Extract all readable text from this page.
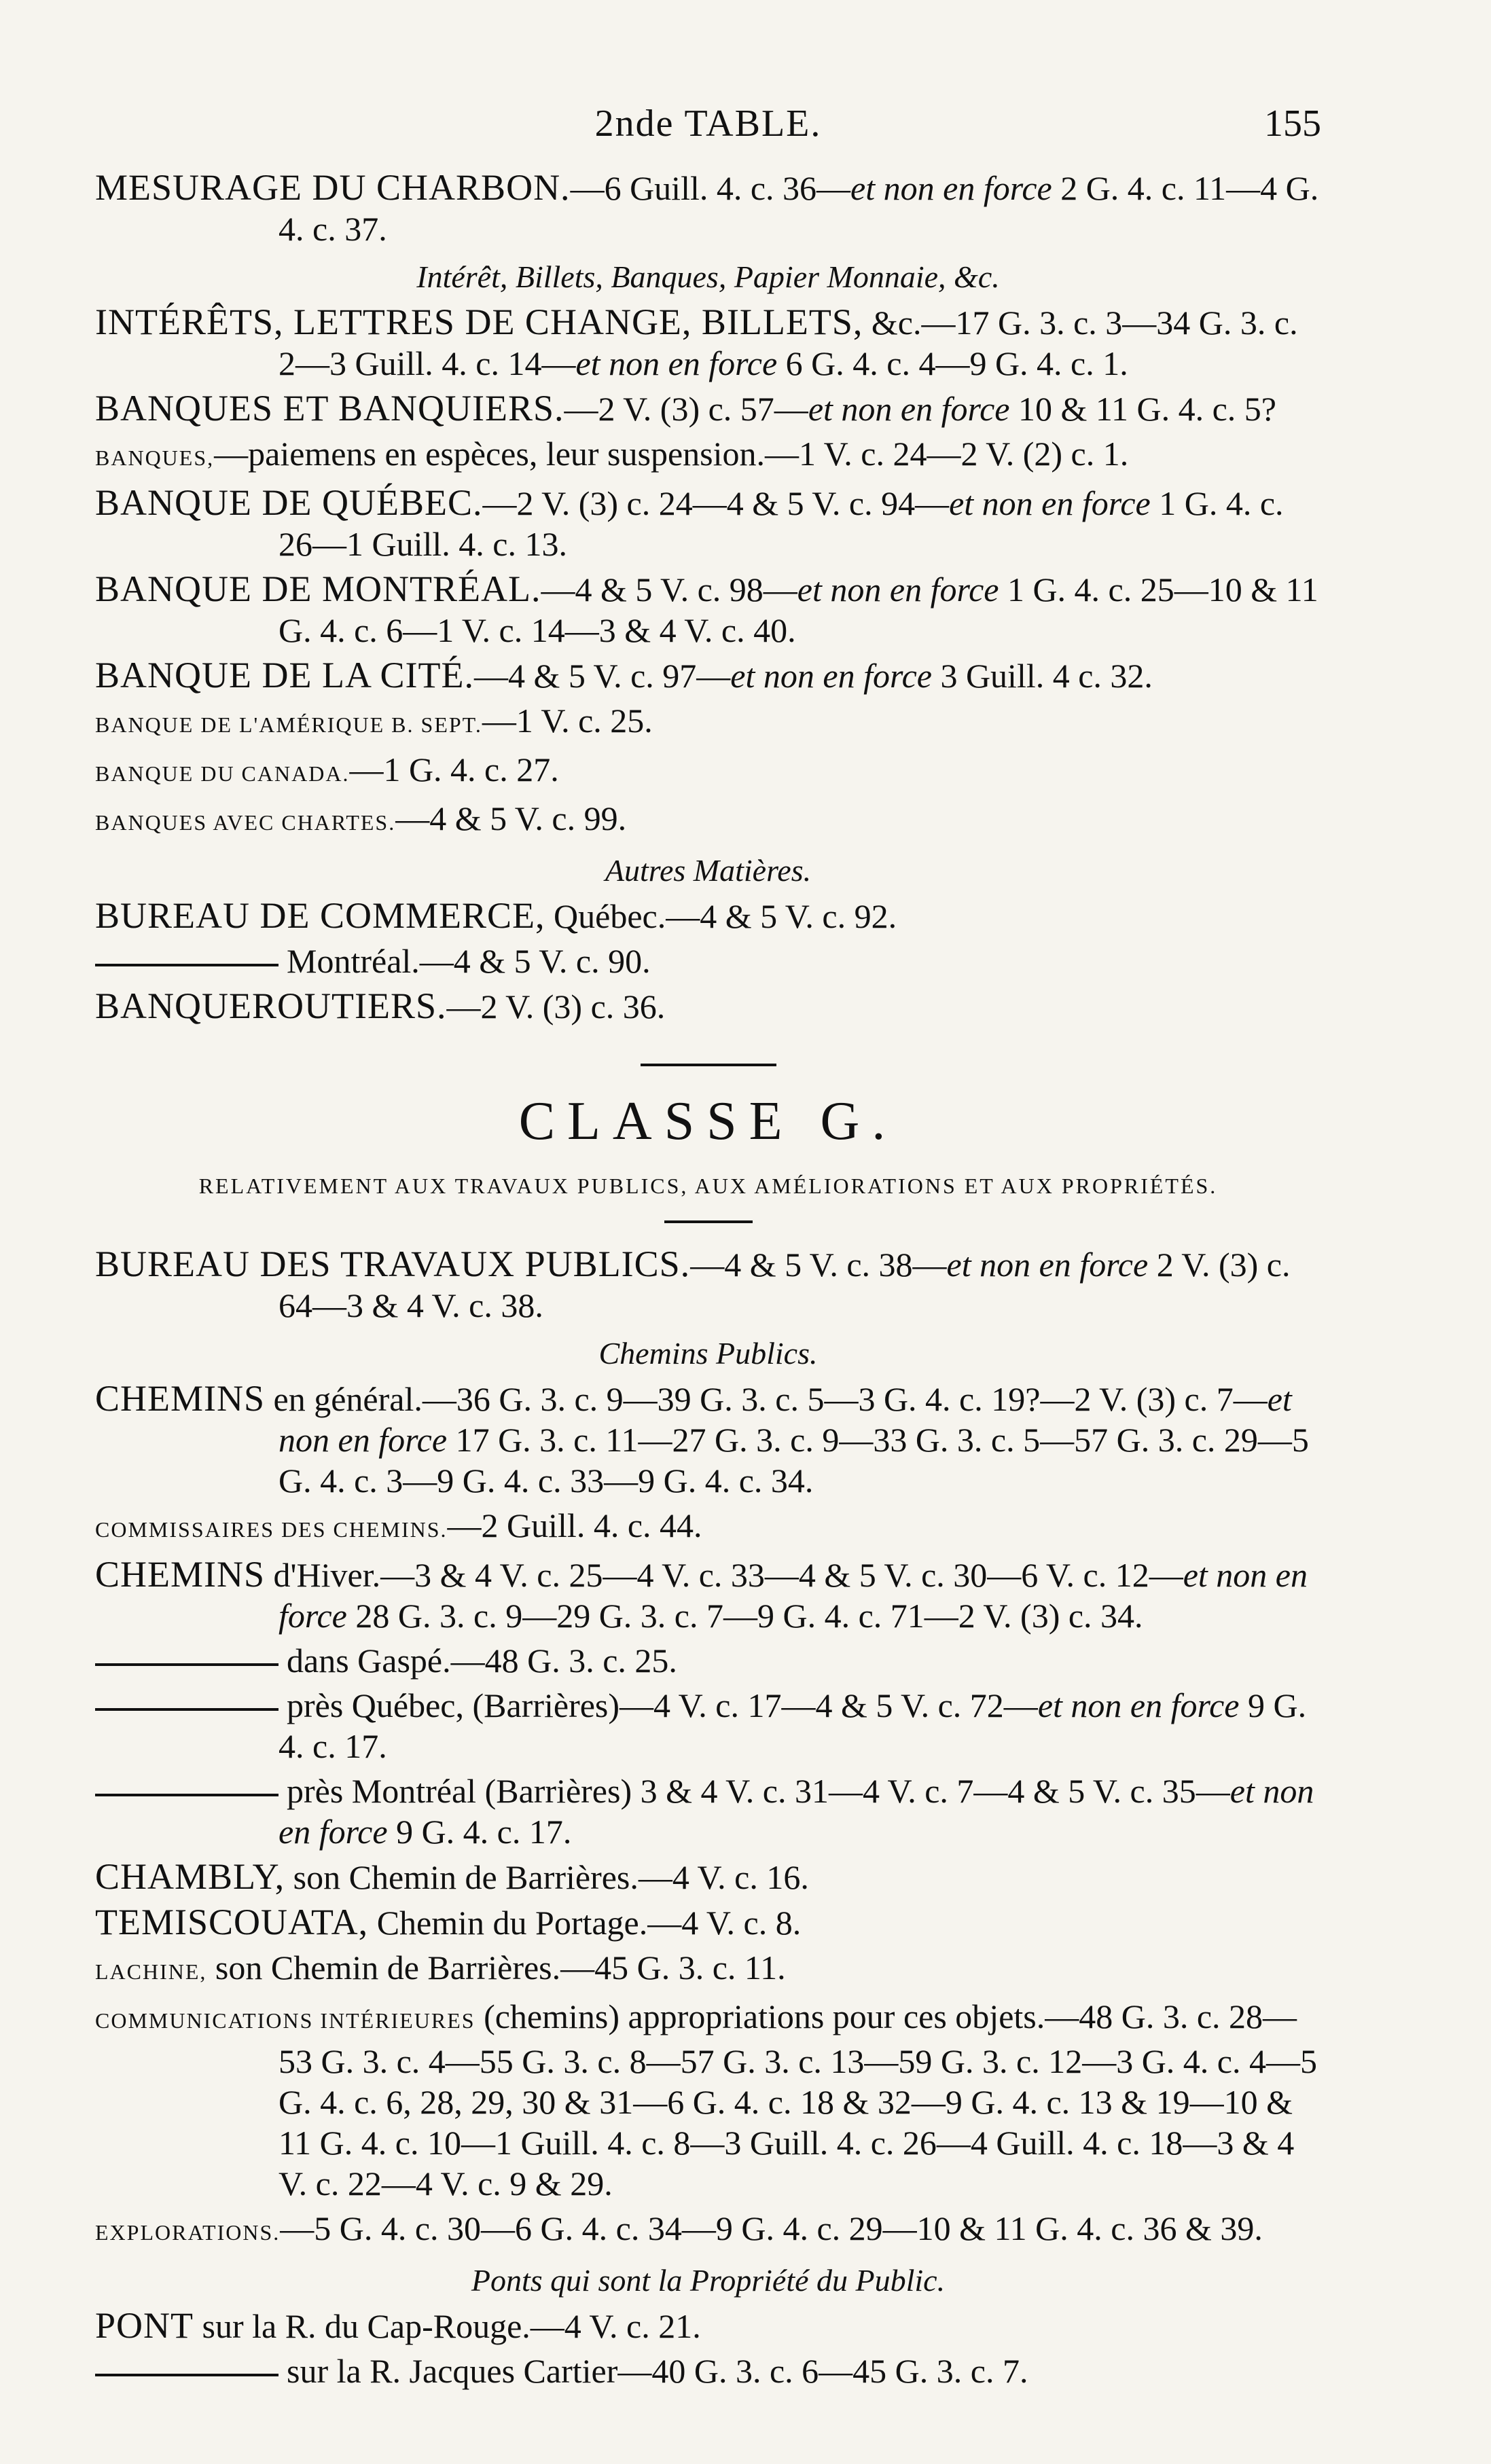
2nde TABLE.	155
MESURAGE DU CHARBON.—6 Guill. 4. c. 36—et non en force 2 G. 4. c. 11—4 G. 4. c. 37.
Intérêt, Billets, Banques, Papier Monnaie, &c.
INTÉRÊTS, LETTRES DE CHANGE, BILLETS, &c.—17 G. 3. c. 3—34 G. 3. c. 2—3 Guill. 4. c. 14—et non en force 6 G. 4. c. 4—9 G. 4. c. 1.
BANQUES ET BANQUIERS.—2 V. (3) c. 57—et non en force 10 & 11 G. 4. c. 5?
BANQUES,—paiemens en espèces, leur suspension.—1 V. c. 24—2 V. (2) c. 1.
BANQUE DE QUÉBEC.—2 V. (3) c. 24—4 & 5 V. c. 94—et non en force 1 G. 4. c. 26—1 Guill. 4. c. 13.
BANQUE DE MONTRÉAL.—4 & 5 V. c. 98—et non en force 1 G. 4. c. 25—10 & 11 G. 4. c. 6—1 V. c. 14—3 & 4 V. c. 40.
BANQUE DE LA CITÉ.—4 & 5 V. c. 97—et non en force 3 Guill. 4 c. 32.
BANQUE DE L'AMÉRIQUE B. SEPT.—1 V. c. 25.
BANQUE DU CANADA.—1 G. 4. c. 27.
BANQUES AVEC CHARTES.—4 & 5 V. c. 99.
Autres Matières.
BUREAU DE COMMERCE, Québec.—4 & 5 V. c. 92.
Montréal.—4 & 5 V. c. 90.
BANQUEROUTIERS.—2 V. (3) c. 36.
CLASSE G.
RELATIVEMENT AUX TRAVAUX PUBLICS, AUX AMÉLIORATIONS ET AUX PROPRIÉTÉS.
BUREAU DES TRAVAUX PUBLICS.—4 & 5 V. c. 38—et non en force 2 V. (3) c. 64—3 & 4 V. c. 38.
Chemins Publics.
CHEMINS en général.—36 G. 3. c. 9—39 G. 3. c. 5—3 G. 4. c. 19?—2 V. (3) c. 7—et non en force 17 G. 3. c. 11—27 G. 3. c. 9—33 G. 3. c. 5—57 G. 3. c. 29—5 G. 4. c. 3—9 G. 4. c. 33—9 G. 4. c. 34.
COMMISSAIRES DES CHEMINS.—2 Guill. 4. c. 44.
CHEMINS d'Hiver.—3 & 4 V. c. 25—4 V. c. 33—4 & 5 V. c. 30—6 V. c. 12—et non en force 28 G. 3. c. 9—29 G. 3. c. 7—9 G. 4. c. 71—2 V. (3) c. 34.
dans Gaspé.—48 G. 3. c. 25.
près Québec, (Barrières)—4 V. c. 17—4 & 5 V. c. 72—et non en force 9 G. 4. c. 17.
près Montréal (Barrières) 3 & 4 V. c. 31—4 V. c. 7—4 & 5 V. c. 35—et non en force 9 G. 4. c. 17.
CHAMBLY, son Chemin de Barrières.—4 V. c. 16.
TEMISCOUATA, Chemin du Portage.—4 V. c. 8.
LACHINE, son Chemin de Barrières.—45 G. 3. c. 11.
COMMUNICATIONS INTÉRIEURES (chemins) appropriations pour ces objets.—48 G. 3. c. 28—53 G. 3. c. 4—55 G. 3. c. 8—57 G. 3. c. 13—59 G. 3. c. 12—3 G. 4. c. 4—5 G. 4. c. 6, 28, 29, 30 & 31—6 G. 4. c. 18 & 32—9 G. 4. c. 13 & 19—10 & 11 G. 4. c. 10—1 Guill. 4. c. 8—3 Guill. 4. c. 26—4 Guill. 4. c. 18—3 & 4 V. c. 22—4 V. c. 9 & 29.
EXPLORATIONS.—5 G. 4. c. 30—6 G. 4. c. 34—9 G. 4. c. 29—10 & 11 G. 4. c. 36 & 39.
Ponts qui sont la Propriété du Public.
PONT sur la R. du Cap-Rouge.—4 V. c. 21.
sur la R. Jacques Cartier—40 G. 3. c. 6—45 G. 3. c. 7.
